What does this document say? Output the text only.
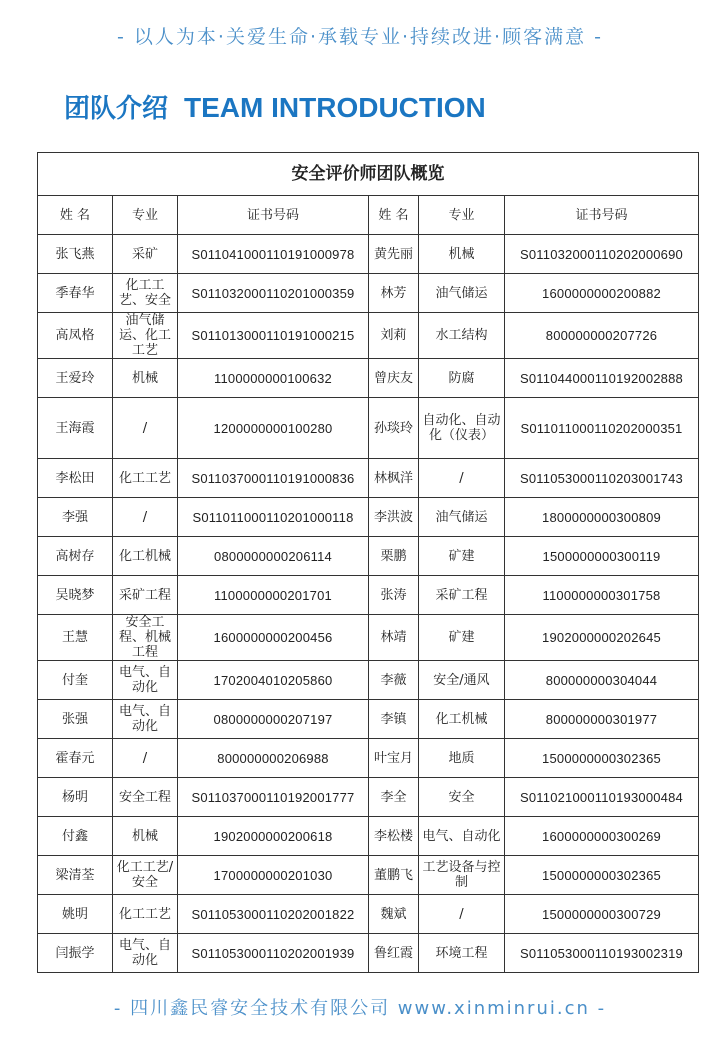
- 以人为本·关爱生命·承载专业·持续改进·顾客满意 -
团队介绍 TEAM INTRODUCTION
安全评价师团队概览					
姓 名	专业	证书号码	姓 名	专业	证书号码
张飞燕	采矿	S011041000110191000978	黄先丽	机械	S011032000110202000690
季春华	化工工艺、安全	S011032000110201000359	林芳	油气储运	1600000000200882
高凤格	油气储运、化工工艺	S011013000110191000215	刘莉	水工结构	800000000207726
王爱玲	机械	1100000000100632	曾庆友	防腐	S011044000110192002888
王海霞	/	1200000000100280	孙琰玲	自动化、自动化（仪表）	S011011000110202000351
李松田	化工工艺	S011037000110191000836	林枫洋	/	S011053000110203001743
李强	/	S011011000110201000118	李洪波	油气储运	1800000000300809
高树存	化工机械	0800000000206114	栗鹏	矿建	1500000000300119
吴晓梦	采矿工程	1100000000201701	张涛	采矿工程	1100000000301758
王慧	安全工程、机械工程	1600000000200456	林靖	矿建	1902000000202645
付奎	电气、自动化	1702004010205860	李薇	安全/通风	800000000304044
张强	电气、自动化	0800000000207197	李镇	化工机械	800000000301977
霍春元	/	800000000206988	叶宝月	地质	1500000000302365
杨明	安全工程	S011037000110192001777	李全	安全	S011021000110193000484
付鑫	机械	1902000000200618	李松楼	电气、自动化	1600000000300269
梁清荃	化工工艺/安全	1700000000201030	董鹏飞	工艺设备与控制	1500000000302365
姚明	化工工艺	S011053000110202001822	魏斌	/	1500000000300729
闫振学	电气、自动化	S011053000110202001939	鲁红霞	环境工程	S011053000110193002319
- 四川鑫民睿安全技术有限公司 www.xinminrui.cn -
